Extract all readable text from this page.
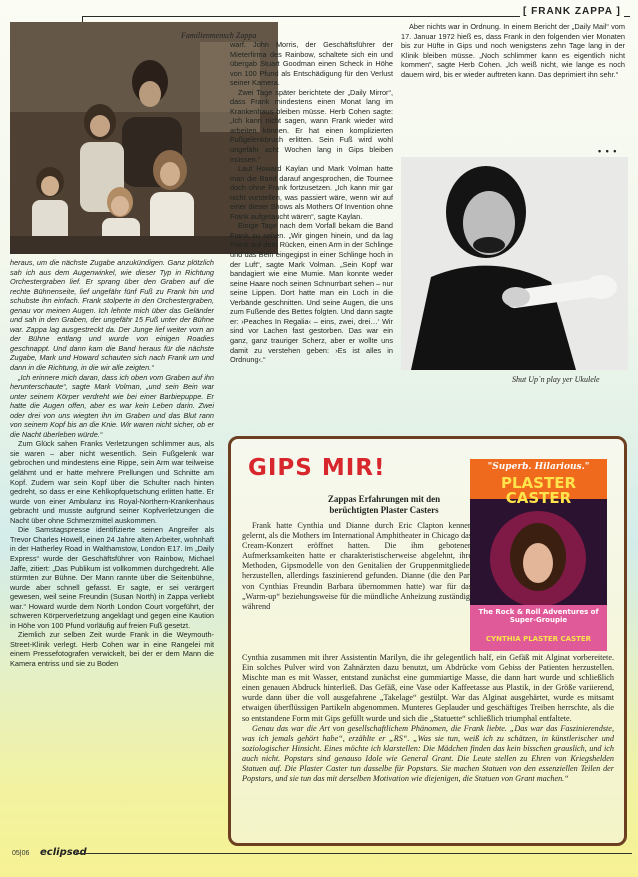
[ FRANK ZAPPA ]
Familienmensch Zappa

heraus, um die nächste Zugabe anzukündigen. Ganz plötzlich sah ich aus dem Augenwinkel, wie dieser Typ in Richtung Orchestergraben lief. Er sprang über den Graben auf die rechte Bühnenseite, lief ungefähr fünf Fuß zu Frank hin und schubste ihn einfach. Frank stolperte in den Orchestergraben, genau vor meinen Augen. Ich lehnte mich über das Geländer und sah in den Graben, der ungefähr 15 Fuß unter der Bühne war. Zappa lag ausgestreckt da. Der Junge lief weiter vorn an der Bühne entlang und wurde von einigen Roadies geschnappt. Und dann kam die Band heraus für die nächste Zugabe, Mark und Howard schauten sich nach Frank um und dann in die Richtung, in die wir alle zeigten.“

„Ich erinnere mich daran, dass ich oben vom Graben auf ihn herunterschaute“, sagte Mark Volman, „und sein Bein war unter seinem Körper verdreht wie bei einer Barbiepuppe. Er hatte die Augen offen, aber es war kein Leben darin. Zwei oder drei von uns wiegten ihn im Graben und das Blut rann von seinem Kopf bis an die Knie. Wir waren nicht sicher, ob er die Nacht überleben würde.“

Zum Glück sahen Franks Verletzungen schlimmer aus, als sie waren – aber nicht wesentlich. Sein Fußgelenk war gebrochen und mindestens eine Rippe, sein Arm war teilweise gelähmt und er hatte mehrere Prellungen und Schnitte am Kopf. Zudem war sein Kopf über die Schulter nach hinten gedreht, so dass er eine Kehlkopfquetschung erlitten hatte. Er wurde von einer Ambulanz ins Royal-Northern-Krankenhaus gebracht und musste aufgrund seiner Kopfverletzungen die Nacht über ohne Schmerzmittel auskommen.

Die Samstagspresse identifizierte seinen Angreifer als Trevor Charles Howell, einen 24 Jahre alten Arbeiter, wohnhaft in der Hatherley Road in Walthamstow, London E17. Im „Daily Express“ wurde der Geschäftsführer von Rainbow, Michael Jaffe, zitiert: „Das Publikum ist vollkommen durchgedreht. Alle stürmten zur Bühne. Der Mann rannte über die Seitenbühne, wurde aber schnell gefasst. Er sagte, er sei verärgert gewesen, weil seine Freundin (Susan North) in Zappa verliebt war.“ Howard wurde dem North London Court vorgeführt, der schweren Körperverletzung angeklagt und gegen eine Kaution in Höhe von 100 Pfund vorläufig auf freien Fuß gesetzt.

Ziemlich zur selben Zeit wurde Frank in die Weymouth-Street-Klinik verlegt. Herb Cohen war in eine Rangelei mit einem Pressefotografen verwickelt, bei der er dem Mann die Kamera entriss und sie zu Boden

warf. John Morris, der Geschäftsführer der Mieterfirma des Rainbow, schaltete sich ein und übergab Stuart Goodman einen Scheck in Höhe von 100 Pfund als Entschädigung für den Verlust seiner Kamera.

Zwei Tage später berichtete der „Daily Mirror“, dass Frank mindestens einen Monat lang im Krankenhaus bleiben müsse. Herb Cohen sagte: „Ich kann nicht sagen, wann Frank wieder wird arbeiten können. Er hat einen komplizierten Fußgelenkbruch erlitten. Sein Fuß wird wohl ungefähr acht Wochen lang in Gips bleiben müssen.“

Laut Howard Kaylan und Mark Volman hatte man die Band darauf angesprochen, die Tournee doch ohne Frank fortzusetzen. „Ich kann mir gar nicht vorstellen, was passiert wäre, wenn wir auf einer dieser Shows als Mothers Of Invention ohne Frank aufgetaucht wären“, sagte Kaylan.

Einige Tage nach dem Vorfall bekam die Band Frank zu sehen. „Wir gingen hinein, und da lag Frank auf dem Rücken, einen Arm in der Schlinge und das Bein eingegipst in einer Schlinge hoch in der Luft“, sagte Mark Volman. „Sein Kopf war bandagiert wie eine Mumie. Man konnte weder seine Haare noch seinen Schnurrbart sehen – nur seine Lippen. Dort hatte man ein Loch in die Verbände geschnitten. Und seine Augen, die uns zum Fußende des Bettes folgten. Und dann sagte er: ›Peaches In Regalia‹ – eins, zwei, drei…‘ Wir sind vor Lachen fast gestorben. Das war ein ganz, ganz trauriger Scherz, aber er wollte uns damit zu verstehen geben: ›Es ist alles in Ordnung‹.“

Aber nichts war in Ordnung. In einem Bericht der „Daily Mail“ vom 17. Januar 1972 hieß es, dass Frank in den folgenden vier Monaten bis zur Hüfte in Gips und noch wenigstens zehn Tage lang in der Klinik bleiben müsse. „Noch schlimmer kann es eigentlich nicht kommen“, sagte Herb Cohen. „Ich weiß nicht, wie lange es noch dauern wird, bis er wieder auftreten kann. Das deprimiert ihn sehr.“

• • •
Shut Up`n play yer Ukulele
GIPS MIR!
Zappas Erfahrungen mit den berüchtigten Plaster Casters
"Superb. Hilarious."
PLASTER CASTER
The Rock & Roll Adventures of Super-Groupie
CYNTHIA PLASTER CASTER

Frank hatte Cynthia und Dianne durch Eric Clapton kennen gelernt, als die Mothers im International Amphitheater in Chicago das Cream-Konzert eröffnet hatten. Die ihm gebotenen Aufmerksamkeiten hatte er charakteristischerweise abgelehnt, ihre Methoden, Gipsmodelle von den Genitalien der Gruppenmitglieder herzustellen, allerdings faszinierend gefunden. Dianne (die den Part von Cynthias Freundin Barbara übernommen hatte) war für das „Warm-up“ beziehungsweise für die mündliche Anheizung zuständig, während

Cynthia zusammen mit ihrer Assistentin Marilyn, die ihr gelegentlich half, ein Gefäß mit Alginat vorbereitete. Ein solches Pulver wird von Zahnärzten dazu benutzt, um Abdrücke vom Gebiss der Patienten herzustellen. Mischte man es mit Wasser, entstand zunächst eine gummiartige Masse, die dann hart wurde und schließlich einen genauen Abdruck hinterließ. Das Gefäß, eine Vase oder Kaffeetasse aus Plastik, in der Größe variierend, wurde dann über die voll ausgefahrene „Takelage“ gestülpt. War das Alginat ausgehärtet, wurde es mitsamt etwaigen überflüssigen Partikeln abgenommen. Munteres Geplauder und geschäftiges Treiben herrschte, als die so entstandene Form mit Gips gefüllt wurde und sich die „Statuette“ schließlich triumphal entfaltete.

Genau das war die Art von gesellschaftlichem Phänomen, die Frank liebte. „Das war das Faszinierendste, was ich jemals gehört habe“, erzählte er „RS“. „Was sie tun, weiß ich zu schätzen, in künstlerischer und soziologischer Hinsicht. Eines möchte ich klarstellen: Die Mädchen finden das kein bisschen grauslich, und ich auch nicht. Popstars sind genauso Idole wie General Grant. Die Leute stellen zu Ehren von Kriegshelden Statuen auf. Die Plaster Caster tun dasselbe für Popstars. Sie machen Statuen von den essenziellen Teilen der Popstars, und sie tun das mit derselben Motivation wie diejenigen, die Statuen von Grant machen.“

05|06 eclipsed
